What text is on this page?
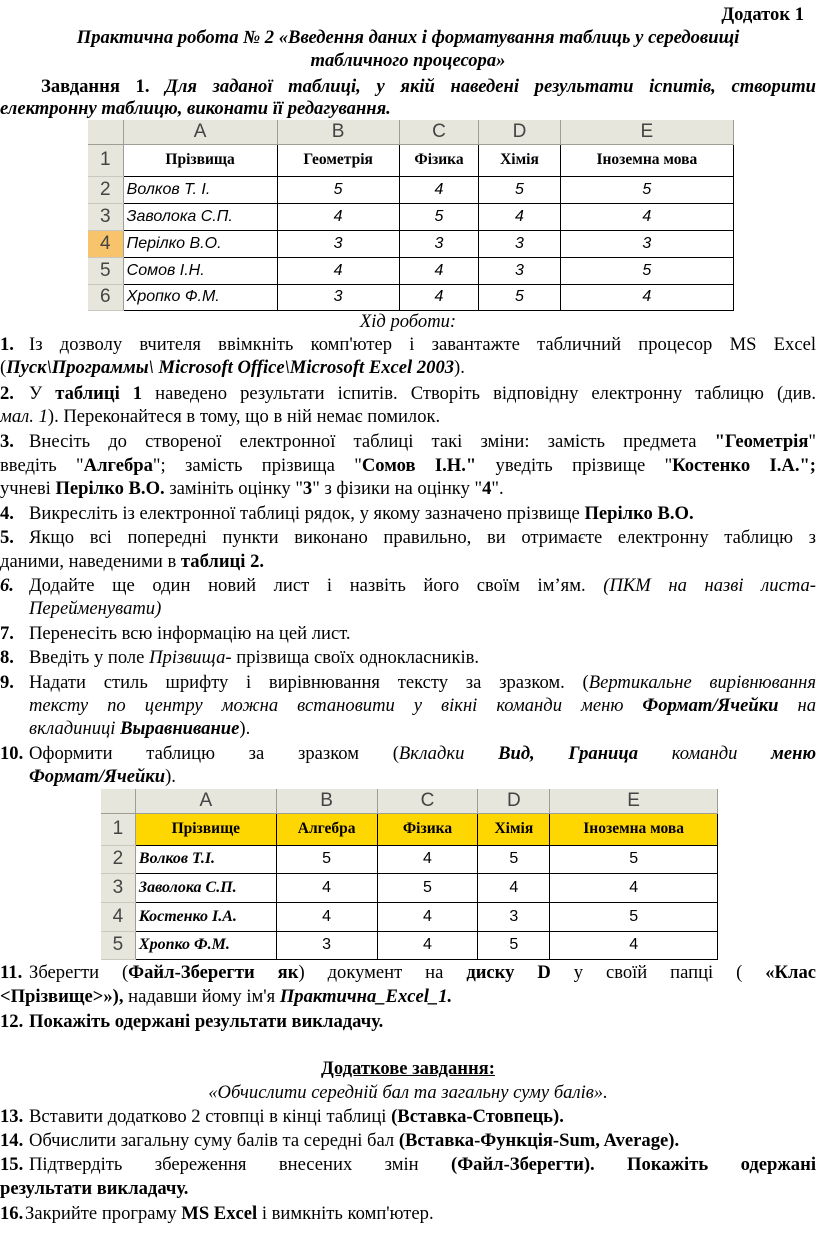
Додаток 1
Практична робота № 2 «Введення даних і форматування таблиць у середовищі
табличного процесора»
Завдання 1. Для заданої таблиці, у якій наведені результати іспитів, створити
електронну таблицю, виконати її редагування.
	A	B	C	D	E
1	Прізвища	Геометрія	Фізика	Хімія	Іноземна мова
2	Волков Т. І.	5	4	5	5
3	Заволока С.П.	4	5	4	4
4	Перілко В.О.	3	3	3	3
5	Сомов І.Н.	4	4	3	5
6	Хропко Ф.М.	3	4	5	4
Хід роботи:
1. Із дозволу вчителя ввімкніть комп'ютер і завантажте табличний процесор MS Excel
(Пуск\Программы\ Microsoft Office\Microsoft Excel 2003).
2. У таблиці 1 наведено результати іспитів. Створіть відповідну електронну таблицю (див.
мал. 1). Переконайтеся в тому, що в ній немає помилок.
3. Внесіть до створеної електронної таблиці такі зміни: замість предмета "Геометрія"
введіть "Алгебра"; замість прізвища "Сомов І.Н." уведіть прізвище "Костенко І.А.";
учневі Перілко В.О. замініть оцінку "3" з фізики на оцінку "4".
4. Викресліть із електронної таблиці рядок, у якому зазначено прізвище Перілко В.О.
5. Якщо всі попередні пункти виконано правильно, ви отримаєте електронну таблицю з
даними, наведеними в таблиці 2.
6. Додайте ще один новий лист і назвіть його своїм ім’ям. (ПКМ на назві листа-
Перейменувати)
7. Перенесіть всю інформацію на цей лист.
8. Введіть у поле Прізвища- прізвища своїх однокласників.
9. Надати стиль шрифту і вирівнювання тексту за зразком. (Вертикальне вирівнювання
тексту по центру можна встановити у вікні команди меню Формат/Ячейки на
вкладиниці Выравнивание).
10. Оформити таблицю за зразком (Вкладки Вид, Граница команди меню
Формат/Ячейки).
	A	B	C	D	E
1	Прізвище	Алгебра	Фізика	Хімія	Іноземна мова
2	Волков Т.І.	5	4	5	5
3	Заволока С.П.	4	5	4	4
4	Костенко І.А.	4	4	3	5
5	Хропко Ф.М.	3	4	5	4
11. Зберегти (Файл-Зберегти як) документ на диску D у своїй папці ( «Клас
<Прізвище>»), надавши йому ім'я Практична_Excel_1.
12. Покажіть одержані результати викладачу.
Додаткове завдання:
«Обчислити середній бал та загальну суму балів».
13. Вставити додатково 2 стовпці в кінці таблиці (Вставка-Стовпець).
14. Обчислити загальну суму балів та середні бал (Вставка-Функція-Sum, Average).
15. Підтвердіть збереження внесених змін (Файл-Зберегти). Покажіть одержані
результати викладачу.
16. Закрийте програму MS Excel і вимкніть комп'ютер.
